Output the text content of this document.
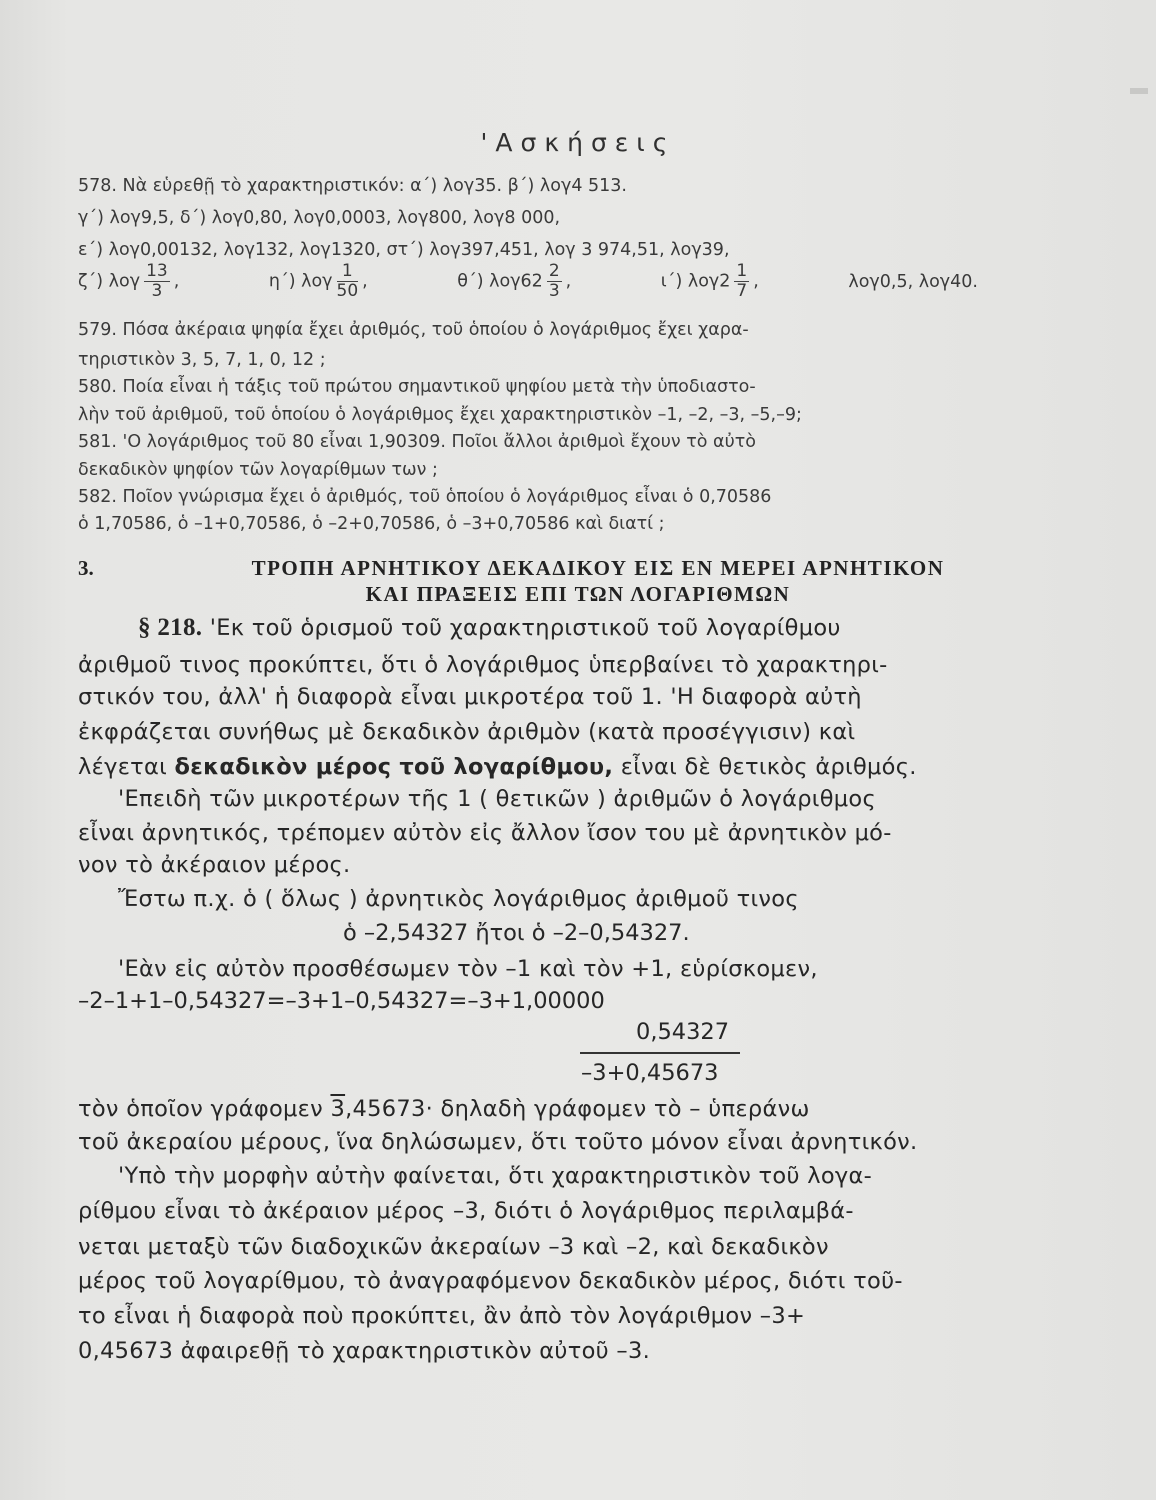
'Ασκήσεις
578. Νὰ εὑρεθῇ τὸ χαρακτηριστικόν: α΄) λογ35. β΄) λογ4 513.
γ΄) λογ9,5, δ΄) λογ0,80, λογ0,0003, λογ800, λογ8 000,
ε΄) λογ0,00132, λογ132, λογ1320, στ΄) λογ397,451, λογ 3 974,51, λογ39,
ζ΄) λογ $\frac{13}{3}$ ,	η΄) λογ $\frac{1}{50}$ ,	θ΄) $\lambda o\gamma 62 \frac{2}{3}$ ,	ι΄) $\lambda o\gamma 2 \frac{1}{7}$ ,	λογ0,5, λογ40.
579. Πόσα ἀκέραια ψηφία ἔχει ἀριθμός, τοῦ ὁποίου ὁ λογάριθμος ἔχει χαρα-
τηριστικὸν 3, 5, 7, 1, 0, 12 ;
580. Ποία εἶναι ἡ τάξις τοῦ πρώτου σημαντικοῦ ψηφίου μετὰ τὴν ὑποδιαστο-
λὴν τοῦ ἀριθμοῦ, τοῦ ὁποίου ὁ λογάριθμος ἔχει χαρακτηριστικὸν –1, –2, –3, –5,–9;
581. 'Ο λογάριθμος τοῦ 80 εἶναι 1,90309. Ποῖοι ἄλλοι ἀριθμοὶ ἔχουν τὸ αὐτὸ
δεκαδικὸν ψηφίον τῶν λογαρίθμων των ;
582. Ποῖον γνώρισμα ἔχει ὁ ἀριθμός, τοῦ ὁποίου ὁ λογάριθμος εἶναι ὁ 0,70586
ὁ 1,70586, ὁ –1+0,70586, ὁ –2+0,70586, ὁ –3+0,70586 καὶ διατί ;
3.	ΤΡΟΠΗ ΑΡΝΗΤΙΚΟΥ ΔΕΚΑΔΙΚΟΥ ΕΙΣ ΕΝ ΜΕΡΕΙ ΑΡΝΗΤΙΚΟΝ
ΚΑΙ ΠΡΑΞΕΙΣ ΕΠΙ ΤΩΝ ΛΟΓΑΡΙΘΜΩΝ
§ 218. 'Εκ τοῦ ὁρισμοῦ τοῦ χαρακτηριστικοῦ τοῦ λογαρίθμου
ἀριθμοῦ τινος προκύπτει, ὅτι ὁ λογάριθμος ὑπερβαίνει τὸ χαρακτηρι-
στικόν του, ἀλλ' ἡ διαφορὰ εἶναι μικροτέρα τοῦ 1. 'Η διαφορὰ αὐτὴ
ἐκφράζεται συνήθως μὲ δεκαδικὸν ἀριθμὸν (κατὰ προσέγγισιν) καὶ
λέγεται δεκαδικὸν μέρος τοῦ λογαρίθμου, εἶναι δὲ θετικὸς ἀριθμός.
'Επειδὴ τῶν μικροτέρων τῆς 1 ( θετικῶν ) ἀριθμῶν ὁ λογάριθμος
εἶναι ἀρνητικός, τρέπομεν αὐτὸν εἰς ἄλλον ἴσον του μὲ ἀρνητικὸν μό-
νον τὸ ἀκέραιον μέρος.
Ἔστω π.χ. ὁ ( ὅλως ) ἀρνητικὸς λογάριθμος ἀριθμοῦ τινος
ὁ –2,54327 ἤτοι ὁ –2–0,54327.
'Εὰν εἰς αὐτὸν προσθέσωμεν τὸν –1 καὶ τὸν +1, εὑρίσκομεν,
–2–1+1–0,54327=–3+1–0,54327=–3+1,00000
0,54327
–3+0,45673
τὸν ὁποῖον γράφομεν 3,45673· δηλαδὴ γράφομεν τὸ – ὑπεράνω
τοῦ ἀκεραίου μέρους, ἵνα δηλώσωμεν, ὅτι τοῦτο μόνον εἶναι ἀρνητικόν.
'Υπὸ τὴν μορφὴν αὐτὴν φαίνεται, ὅτι χαρακτηριστικὸν τοῦ λογα-
ρίθμου εἶναι τὸ ἀκέραιον μέρος –3, διότι ὁ λογάριθμος περιλαμβά-
νεται μεταξὺ τῶν διαδοχικῶν ἀκεραίων –3 καὶ –2, καὶ δεκαδικὸν
μέρος τοῦ λογαρίθμου, τὸ ἀναγραφόμενον δεκαδικὸν μέρος, διότι τοῦ-
το εἶναι ἡ διαφορὰ ποὺ προκύπτει, ἂν ἀπὸ τὸν λογάριθμον –3+
0,45673 ἀφαιρεθῇ τὸ χαρακτηριστικὸν αὐτοῦ –3.
